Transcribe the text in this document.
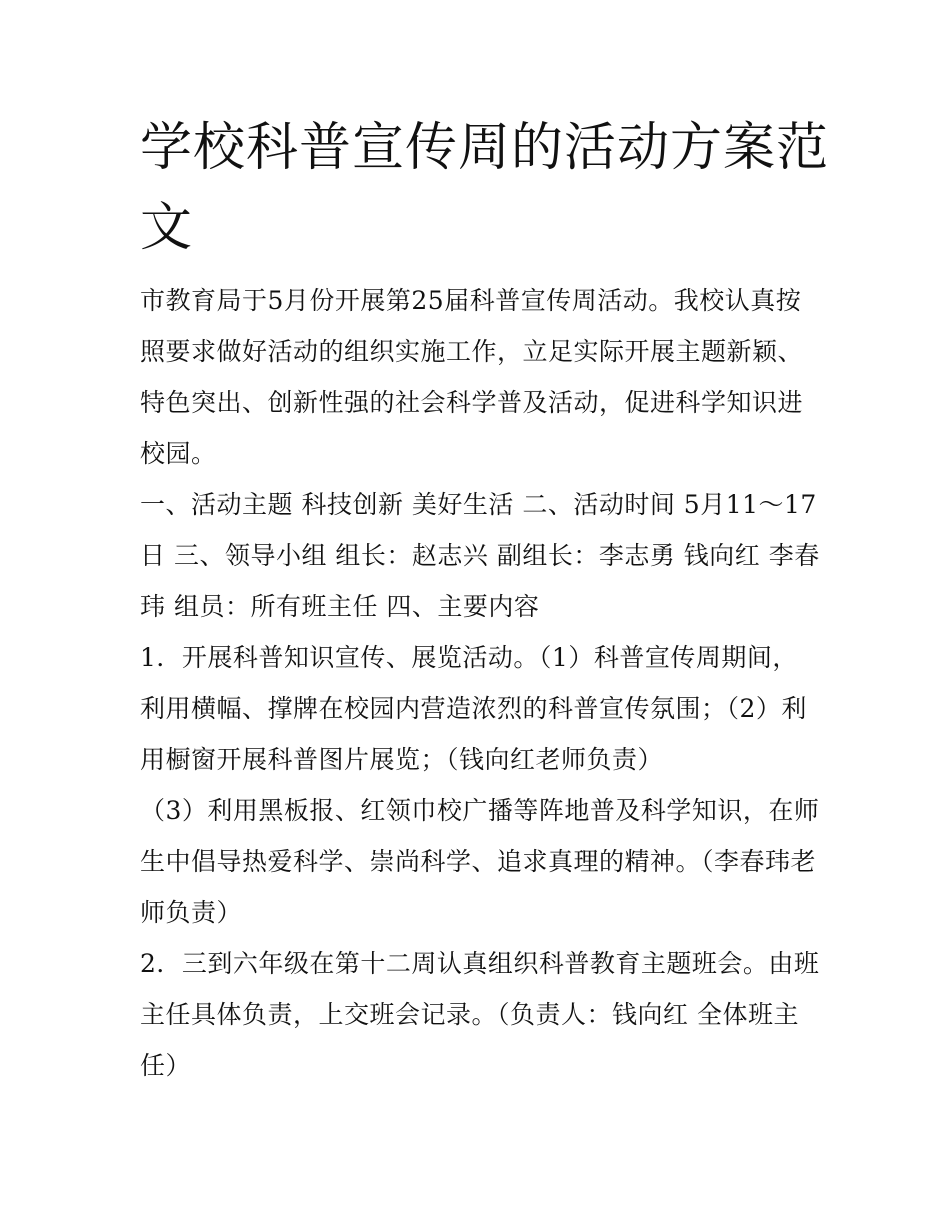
学校科普宣传周的活动方案范文

市教育局于5月份开展第25届科普宣传周活动。我校认真按照要求做好活动的组织实施工作，立足实际开展主题新颖、特色突出、创新性强的社会科学普及活动，促进科学知识进校园。

一、活动主题 科技创新 美好生活 二、活动时间 5月11～17日 三、领导小组 组长：赵志兴 副组长：李志勇 钱向红 李春玮 组员：所有班主任 四、主要内容

1．开展科普知识宣传、展览活动。（1）科普宣传周期间，利用横幅、撑牌在校园内营造浓烈的科普宣传氛围；（2）利用橱窗开展科普图片展览；（钱向红老师负责）

（3）利用黑板报、红领巾校广播等阵地普及科学知识，在师生中倡导热爱科学、崇尚科学、追求真理的精神。（李春玮老师负责）

2．三到六年级在第十二周认真组织科普教育主题班会。由班主任具体负责，上交班会记录。（负责人：钱向红 全体班主任）
